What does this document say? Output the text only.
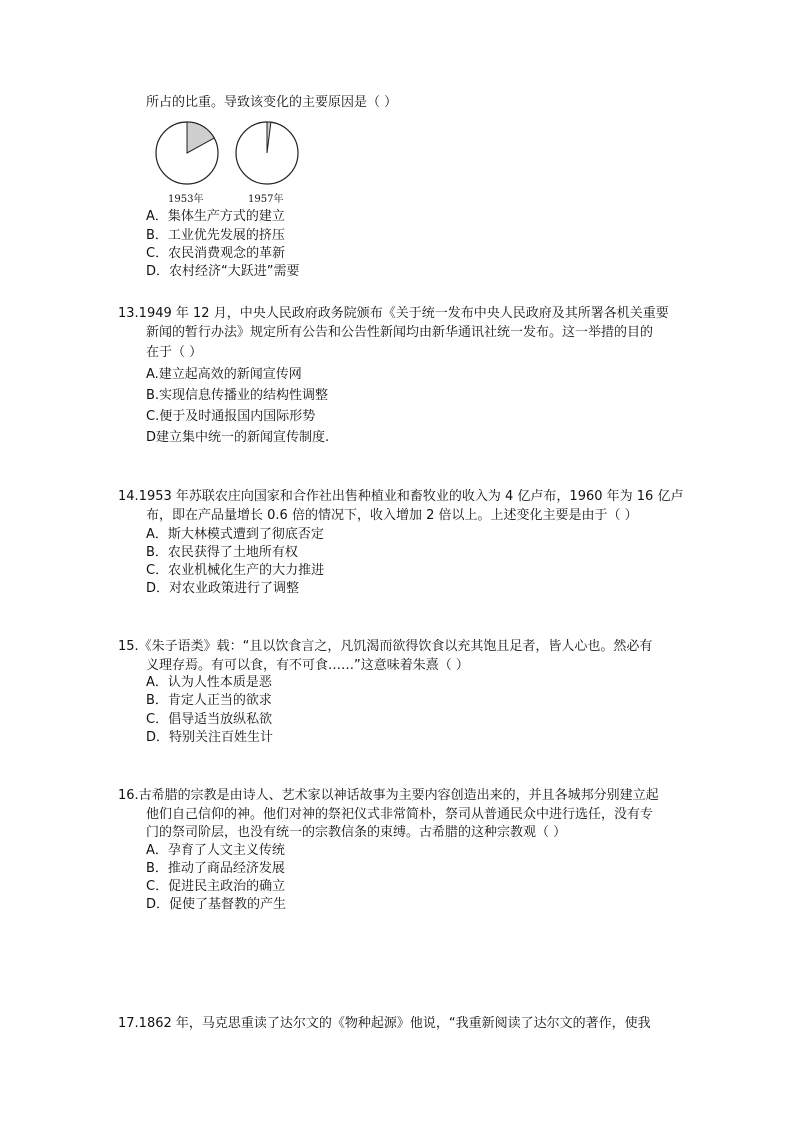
所占的比重。导致该变化的主要原因是（ ）
1953年	1957年
A．集体生产方式的建立
B．工业优先发展的挤压
C．农民消费观念的革新
D．农村经济“大跃进”需要
13.1949 年 12 月，中央人民政府政务院颁布《关于统一发布中央人民政府及其所署各机关重要
新闻的暂行办法》规定所有公告和公告性新闻均由新华通讯社统一发布。这一举措的目的
在于（ ）
A.建立起高效的新闻宣传网
B.实现信息传播业的结构性调整
C.便于及时通报国内国际形势
D建立集中统一的新闻宣传制度.
14.1953 年苏联农庄向国家和合作社出售种植业和畜牧业的收入为 4 亿卢布，1960 年为 16 亿卢
布，即在产品量增长 0.6 倍的情况下，收入增加 2 倍以上。上述变化主要是由于（ ）
A．斯大林模式遭到了彻底否定
B．农民获得了土地所有权
C．农业机械化生产的大力推进
D．对农业政策进行了调整
15.《朱子语类》载：“且以饮食言之，凡饥渴而欲得饮食以充其饱且足者，皆人心也。然必有
义理存焉。有可以食，有不可食……”这意味着朱熹（ ）
A．认为人性本质是恶
B．肯定人正当的欲求
C．倡导适当放纵私欲
D．特别关注百姓生计
16.古希腊的宗教是由诗人、艺术家以神话故事为主要内容创造出来的，并且各城邦分别建立起
他们自己信仰的神。他们对神的祭祀仪式非常简朴，祭司从普通民众中进行选任，没有专
门的祭司阶层，也没有统一的宗教信条的束缚。古希腊的这种宗教观（ ）
A．孕育了人文主义传统
B．推动了商品经济发展
C．促进民主政治的确立
D．促使了基督教的产生
17.1862 年，马克思重读了达尔文的《物种起源》他说，“我重新阅读了达尔文的著作，使我
